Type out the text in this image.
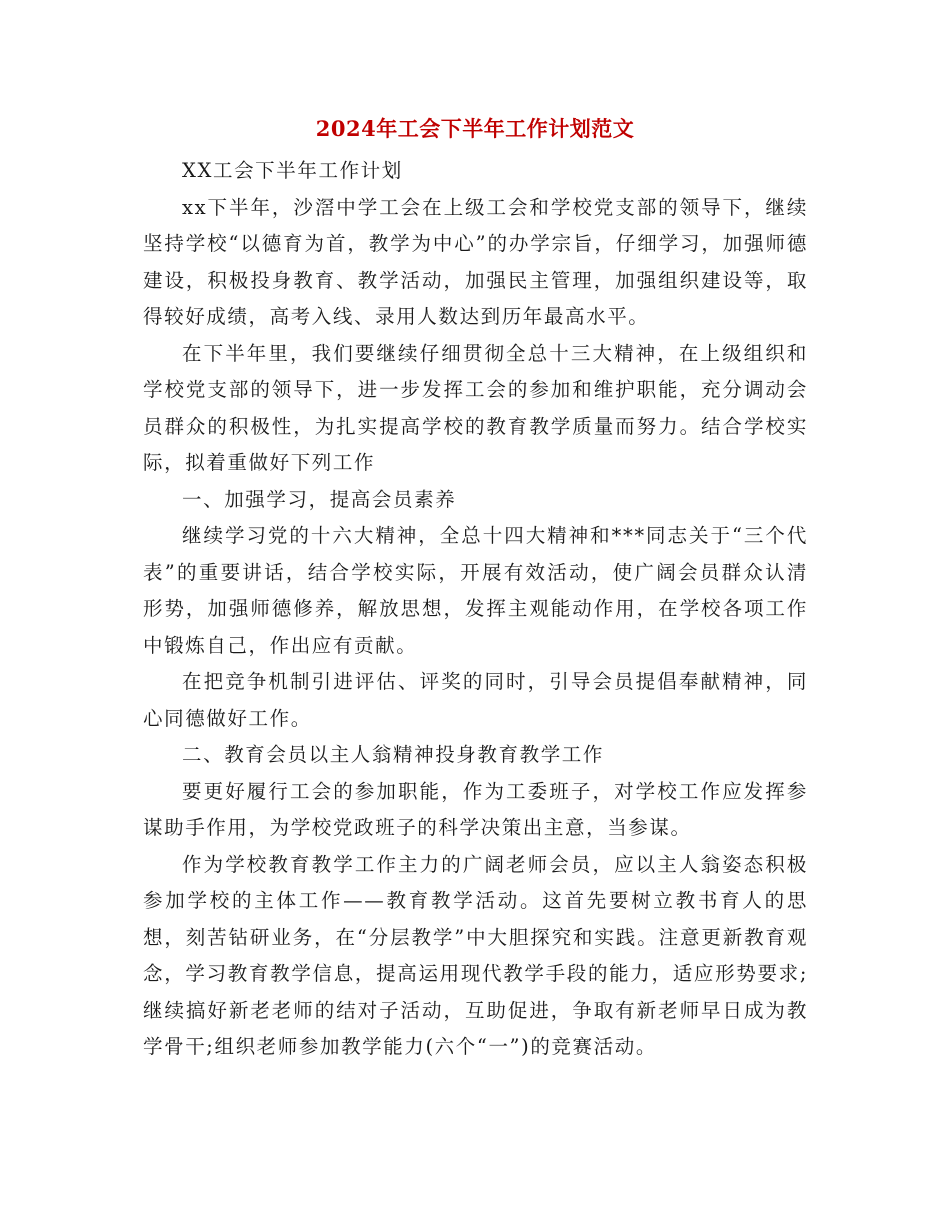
2024年工会下半年工作计划范文

XX工会下半年工作计划

xx下半年，沙滘中学工会在上级工会和学校党支部的领导下，继续坚持学校“以德育为首，教学为中心”的办学宗旨，仔细学习，加强师德建设，积极投身教育、教学活动，加强民主管理，加强组织建设等，取得较好成绩，高考入线、录用人数达到历年最高水平。

在下半年里，我们要继续仔细贯彻全总十三大精神，在上级组织和学校党支部的领导下，进一步发挥工会的参加和维护职能，充分调动会员群众的积极性，为扎实提高学校的教育教学质量而努力。结合学校实际，拟着重做好下列工作

一、加强学习，提高会员素养

继续学习党的十六大精神，全总十四大精神和***同志关于“三个代表”的重要讲话，结合学校实际，开展有效活动，使广阔会员群众认清形势，加强师德修养，解放思想，发挥主观能动作用，在学校各项工作中锻炼自己，作出应有贡献。

在把竞争机制引进评估、评奖的同时，引导会员提倡奉献精神，同心同德做好工作。

二、教育会员以主人翁精神投身教育教学工作

要更好履行工会的参加职能，作为工委班子，对学校工作应发挥参谋助手作用，为学校党政班子的科学决策出主意，当参谋。

作为学校教育教学工作主力的广阔老师会员，应以主人翁姿态积极参加学校的主体工作——教育教学活动。这首先要树立教书育人的思想，刻苦钻研业务，在“分层教学”中大胆探究和实践。注意更新教育观念，学习教育教学信息，提高运用现代教学手段的能力，适应形势要求;继续搞好新老老师的结对子活动，互助促进，争取有新老师早日成为教学骨干;组织老师参加教学能力(六个“一”)的竞赛活动。
